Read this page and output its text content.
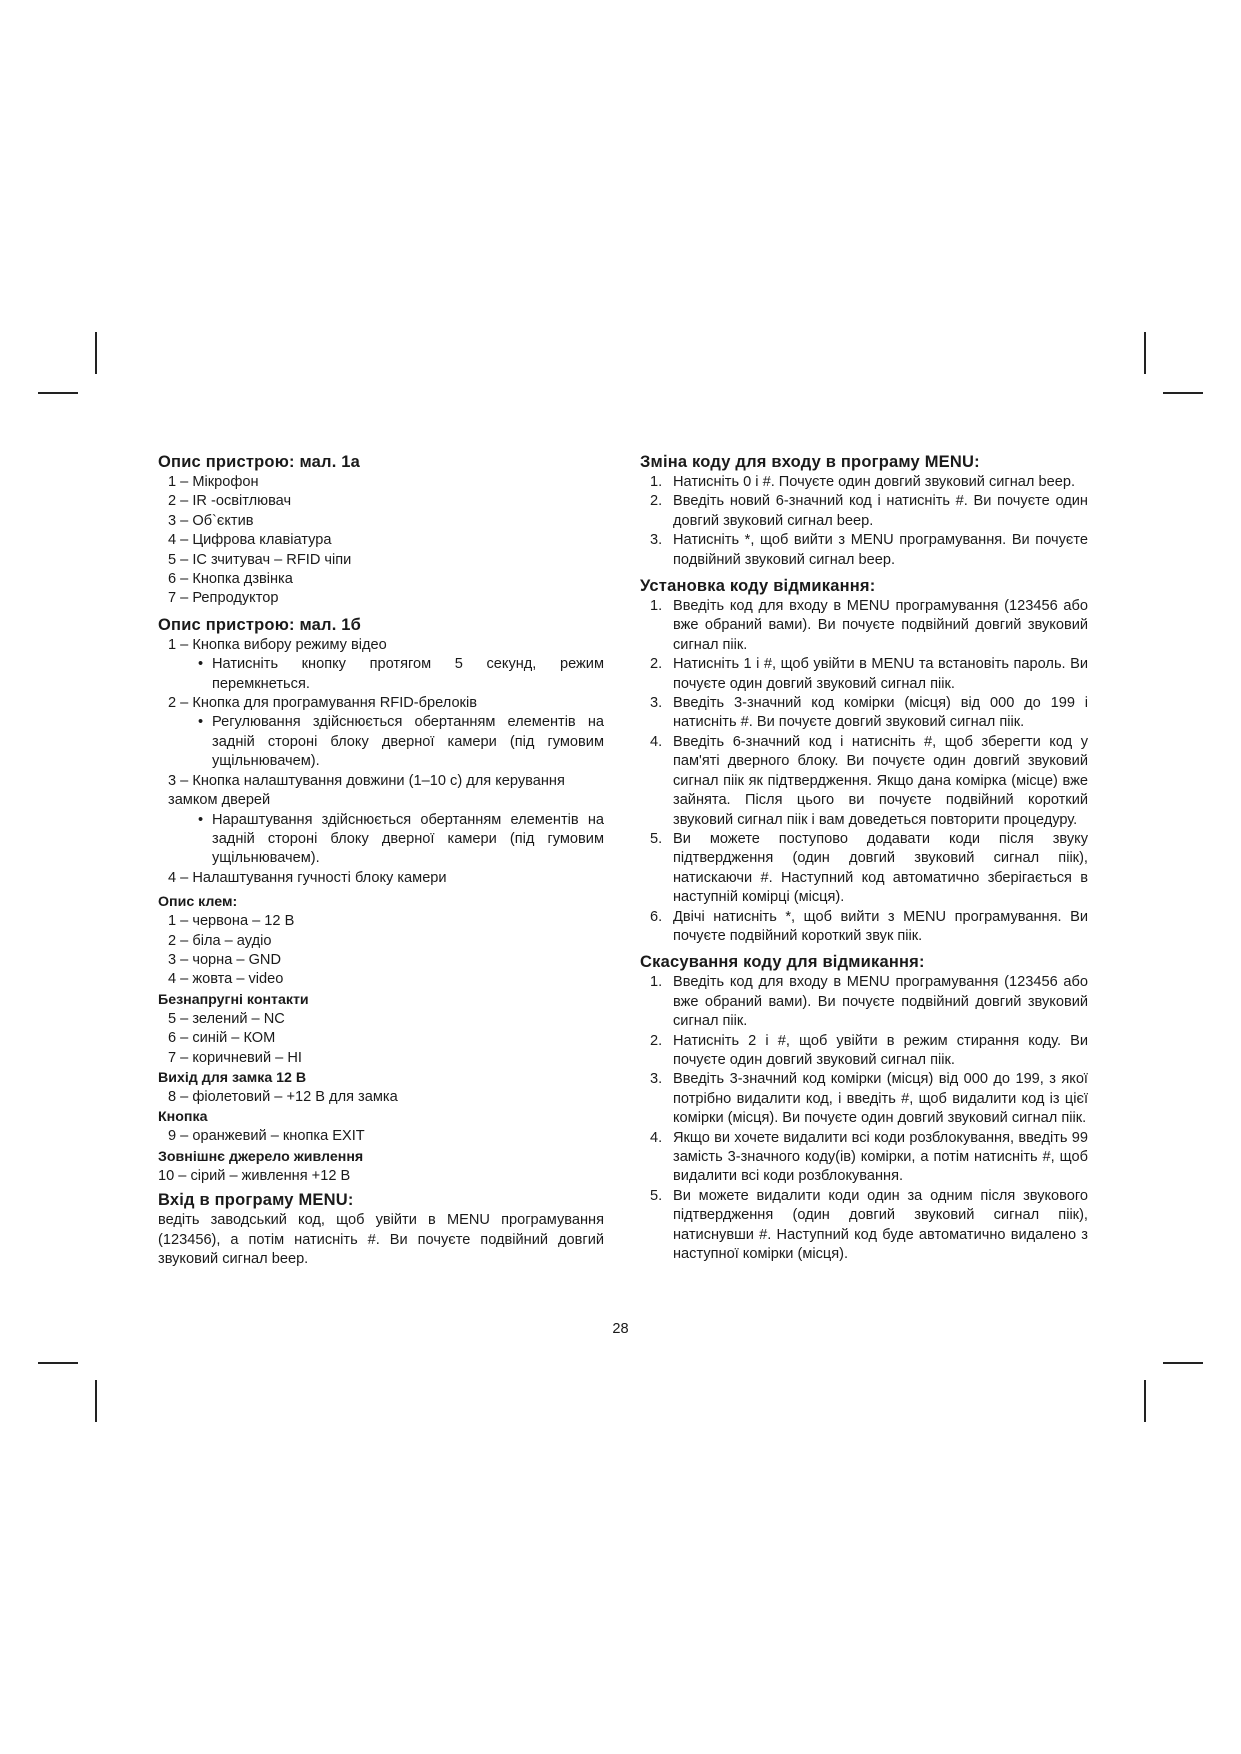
Опис пристрою: мал. 1а
1 – Мікрофон
2 – IR -освітлювач
3 – Об`єктив
4 – Цифрова клавіатура
5 – IC зчитувач – RFID чіпи
6 – Кнопка дзвінка
7 – Репродуктор
Опис пристрою: мал. 1б
1 – Кнопка вибору режиму відео
• Натисніть кнопку протягом 5 секунд, режим перемкнеться.
2 – Кнопка для програмування RFID-брелоків
• Регулювання здійснюється обертанням елементів на задній стороні блоку дверної камери (під гумовим ущільнювачем).
3 – Кнопка налаштування довжини (1–10 с) для керування замком дверей
• Нараштування здійснюється обертанням елементів на задній стороні блоку дверної камери (під гумовим ущільнювачем).
4 – Налаштування гучності блоку камери
Опис клем:
1 – червона – 12 В
2 – біла – аудіо
3 – чорна – GND
4 – жовта – video
Безнапругні контакти
5 – зелений – NC
6 – синій – КОМ
7 – коричневий – HI
Вихід для замка 12 В
8 – фіолетовий – +12 В для замка
Кнопка
9 – оранжевий – кнопка EXIT
Зовнішнє джерело живлення
10 – сірий – живлення +12 В
Вхід в програму MENU:
ведіть заводський код, щоб увійти в MENU програмування (123456), а потім натисніть #. Ви почуєте подвійний довгий звуковий сигнал beep.
Зміна коду для входу в програму MENU:
1. Натисніть 0 і #. Почуєте один довгий звуковий сигнал beep.
2. Введіть новий 6-значний код і натисніть #. Ви почуєте один довгий звуковий сигнал beep.
3. Натисніть *, щоб вийти з MENU програмування. Ви почуєте подвійний звуковий сигнал beep.
Установка коду відмикання:
1. Введіть код для входу в MENU програмування (123456 або вже обраний вами). Ви почуєте подвійний довгий звуковий сигнал піік.
2. Натисніть 1 і #, щоб увійти в MENU та встановіть пароль. Ви почуєте один довгий звуковий сигнал піік.
3. Введіть 3-значний код комірки (місця) від 000 до 199 і натисніть #. Ви почуєте довгий звуковий сигнал піік.
4. Введіть 6-значний код і натисніть #, щоб зберегти код у пам'яті дверного блоку. Ви почуєте один довгий звуковий сигнал піік як підтвердження. Якщо дана комірка (місце) вже зайнята. Після цього ви почуєте подвійний короткий звуковий сигнал піік і вам доведеться повторити процедуру.
5. Ви можете поступово додавати коди після звуку підтвердження (один довгий звуковий сигнал піік), натискаючи #. Наступний код автоматично зберігається в наступній комірці (місця).
6. Двічі натисніть *, щоб вийти з MENU програмування. Ви почуєте подвійний короткий звук піік.
Скасування коду для відмикання:
1. Введіть код для входу в MENU програмування (123456 або вже обраний вами). Ви почуєте подвійний довгий звуковий сигнал піік.
2. Натисніть 2 і #, щоб увійти в режим стирання коду. Ви почуєте один довгий звуковий сигнал піік.
3. Введіть 3-значний код комірки (місця) від 000 до 199, з якої потрібно видалити код, і введіть #, щоб видалити код із цієї комірки (місця). Ви почуєте один довгий звуковий сигнал піік.
4. Якщо ви хочете видалити всі коди розблокування, введіть 99 замість 3-значного коду(ів) комірки, а потім натисніть #, щоб видалити всі коди розблокування.
5. Ви можете видалити коди один за одним після звукового підтвердження (один довгий звуковий сигнал піік), натиснувши #. Наступний код буде автоматично видалено з наступної комірки (місця).
28
